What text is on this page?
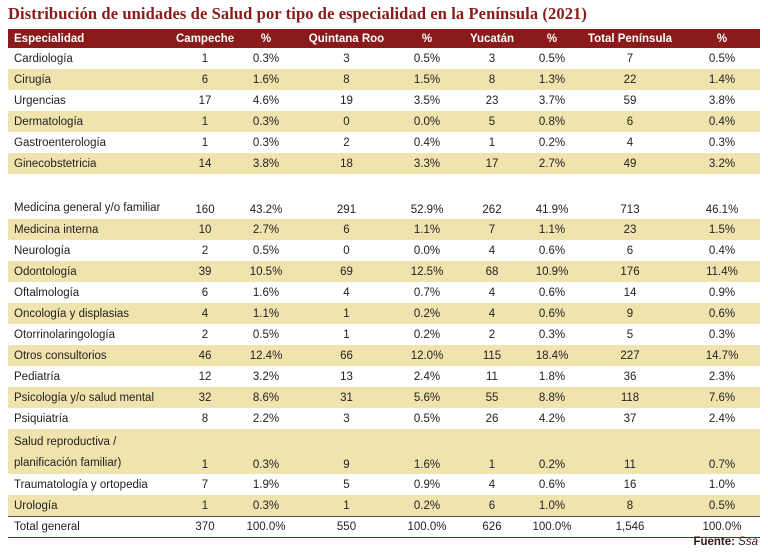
Distribución de unidades de Salud por tipo de especialidad en la Península (2021)
Especialidad	Campeche	%	Quintana Roo	%	Yucatán	%	Total Península	%
Cardiología	1	0.3%	3	0.5%	3	0.5%	7	0.5%
Cirugía	6	1.6%	8	1.5%	8	1.3%	22	1.4%
Urgencias	17	4.6%	19	3.5%	23	3.7%	59	3.8%
Dermatología	1	0.3%	0	0.0%	5	0.8%	6	0.4%
Gastroenterología	1	0.3%	2	0.4%	1	0.2%	4	0.3%
Ginecobstetricia	14	3.8%	18	3.3%	17	2.7%	49	3.2%
Medicina general y/o familiar	160	43.2%	291	52.9%	262	41.9%	713	46.1%
Medicina interna	10	2.7%	6	1.1%	7	1.1%	23	1.5%
Neurología	2	0.5%	0	0.0%	4	0.6%	6	0.4%
Odontología	39	10.5%	69	12.5%	68	10.9%	176	11.4%
Oftalmología	6	1.6%	4	0.7%	4	0.6%	14	0.9%
Oncología y displasias	4	1.1%	1	0.2%	4	0.6%	9	0.6%
Otorrinolaringología	2	0.5%	1	0.2%	2	0.3%	5	0.3%
Otros consultorios	46	12.4%	66	12.0%	115	18.4%	227	14.7%
Pediatría	12	3.2%	13	2.4%	11	1.8%	36	2.3%
Psicología y/o salud mental	32	8.6%	31	5.6%	55	8.8%	118	7.6%
Psiquiatría	8	2.2%	3	0.5%	26	4.2%	37	2.4%
Salud reproductiva / planificación familiar)	1	0.3%	9	1.6%	1	0.2%	11	0.7%
Traumatología y ortopedia	7	1.9%	5	0.9%	4	0.6%	16	1.0%
Urología	1	0.3%	1	0.2%	6	1.0%	8	0.5%
Total general	370	100.0%	550	100.0%	626	100.0%	1,546	100.0%
Fuente: Ssa
